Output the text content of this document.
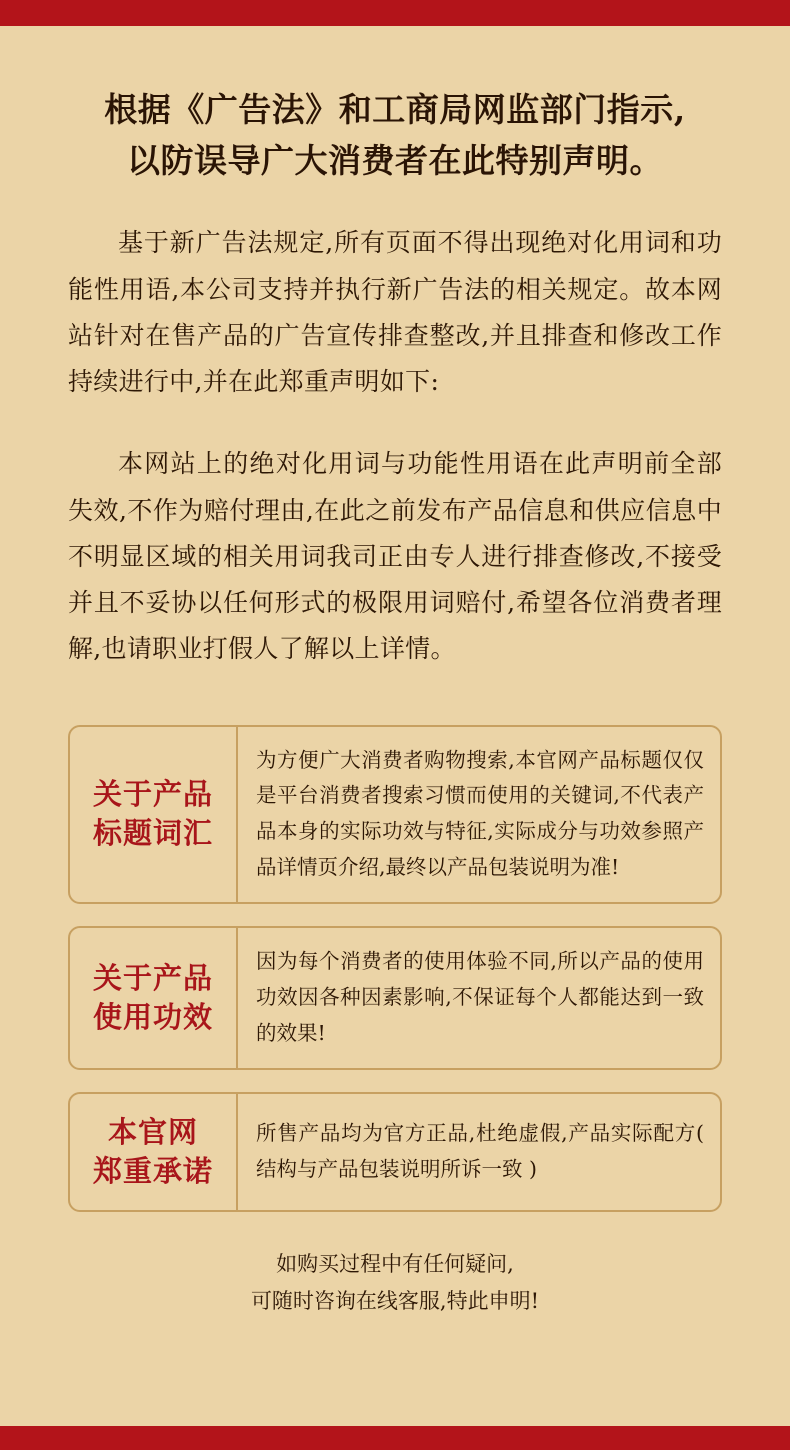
根据《广告法》和工商局网监部门指示,
以防误导广大消费者在此特别声明。

基于新广告法规定,所有页面不得出现绝对化用词和功能性用语,本公司支持并执行新广告法的相关规定。故本网站针对在售产品的广告宣传排查整改,并且排查和修改工作持续进行中,并在此郑重声明如下:

本网站上的绝对化用词与功能性用语在此声明前全部失效,不作为赔付理由,在此之前发布产品信息和供应信息中不明显区域的相关用词我司正由专人进行排查修改,不接受并且不妥协以任何形式的极限用词赔付,希望各位消费者理解,也请职业打假人了解以上详情。

关于产品
标题词汇
为方便广大消费者购物搜索,本官网产品标题仅仅是平台消费者搜索习惯而使用的关键词,不代表产品本身的实际功效与特征,实际成分与功效参照产品详情页介绍,最终以产品包装说明为准!
关于产品
使用功效
因为每个消费者的使用体验不同,所以产品的使用功效因各种因素影响,不保证每个人都能达到一致的效果!
本官网
郑重承诺
所售产品均为官方正品,杜绝虚假,产品实际配方( 结构与产品包装说明所诉一致 )
如购买过程中有任何疑问,
可随时咨询在线客服,特此申明!
